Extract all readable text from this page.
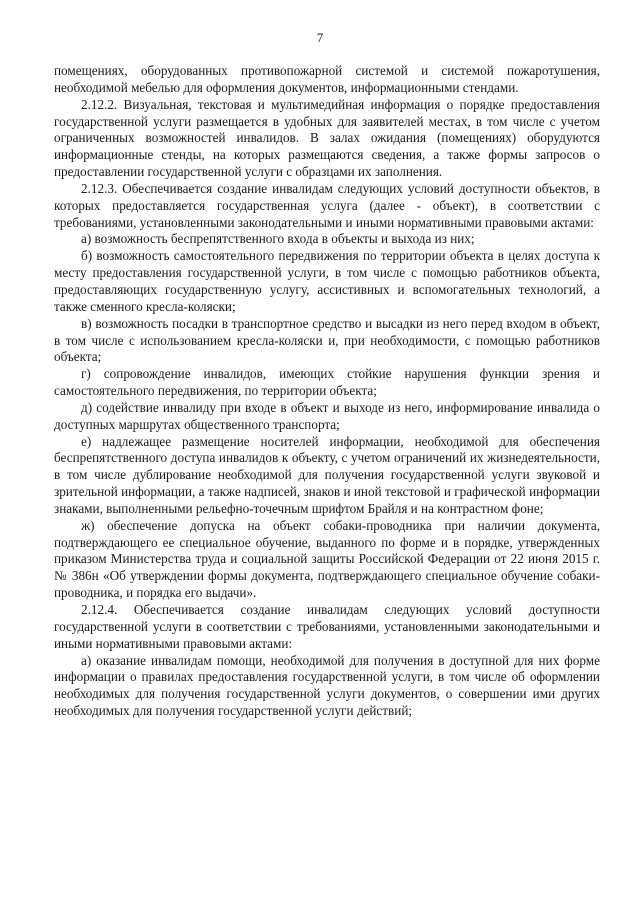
7

помещениях, оборудованных противопожарной системой и системой пожаротушения, необходимой мебелью для оформления документов, информационными стендами.

2.12.2. Визуальная, текстовая и мультимедийная информация о порядке предоставления государственной услуги размещается в удобных для заявителей местах, в том числе с учетом ограниченных возможностей инвалидов. В залах ожидания (помещениях) оборудуются информационные стенды, на которых размещаются сведения, а также формы запросов о предоставлении государственной услуги с образцами их заполнения.

2.12.3. Обеспечивается создание инвалидам следующих условий доступности объектов, в которых предоставляется государственная услуга (далее - объект), в соответствии с требованиями, установленными законодательными и иными нормативными правовыми актами:

а) возможность беспрепятственного входа в объекты и выхода из них;

б) возможность самостоятельного передвижения по территории объекта в целях доступа к месту предоставления государственной услуги, в том числе с помощью работников объекта, предоставляющих государственную услугу, ассистивных и вспомогательных технологий, а также сменного кресла-коляски;

в) возможность посадки в транспортное средство и высадки из него перед входом в объект, в том числе с использованием кресла-коляски и, при необходимости, с помощью работников объекта;

г) сопровождение инвалидов, имеющих стойкие нарушения функции зрения и самостоятельного передвижения, по территории объекта;

д) содействие инвалиду при входе в объект и выходе из него, информирование инвалида о доступных маршрутах общественного транспорта;

е) надлежащее размещение носителей информации, необходимой для обеспечения беспрепятственного доступа инвалидов к объекту, с учетом ограничений их жизнедеятельности, в том числе дублирование необходимой для получения государственной услуги звуковой и зрительной информации, а также надписей, знаков и иной текстовой и графической информации знаками, выполненными рельефно-точечным шрифтом Брайля и на контрастном фоне;

ж) обеспечение допуска на объект собаки-проводника при наличии документа, подтверждающего ее специальное обучение, выданного по форме и в порядке, утвержденных приказом Министерства труда и социальной защиты Российской Федерации от 22 июня 2015 г. № 386н «Об утверждении формы документа, подтверждающего специальное обучение собаки-проводника, и порядка его выдачи».

2.12.4. Обеспечивается создание инвалидам следующих условий доступности государственной услуги в соответствии с требованиями, установленными законодательными и иными нормативными правовыми актами:

а) оказание инвалидам помощи, необходимой для получения в доступной для них форме информации о правилах предоставления государственной услуги, в том числе об оформлении необходимых для получения государственной услуги документов, о совершении ими других необходимых для получения государственной услуги действий;
